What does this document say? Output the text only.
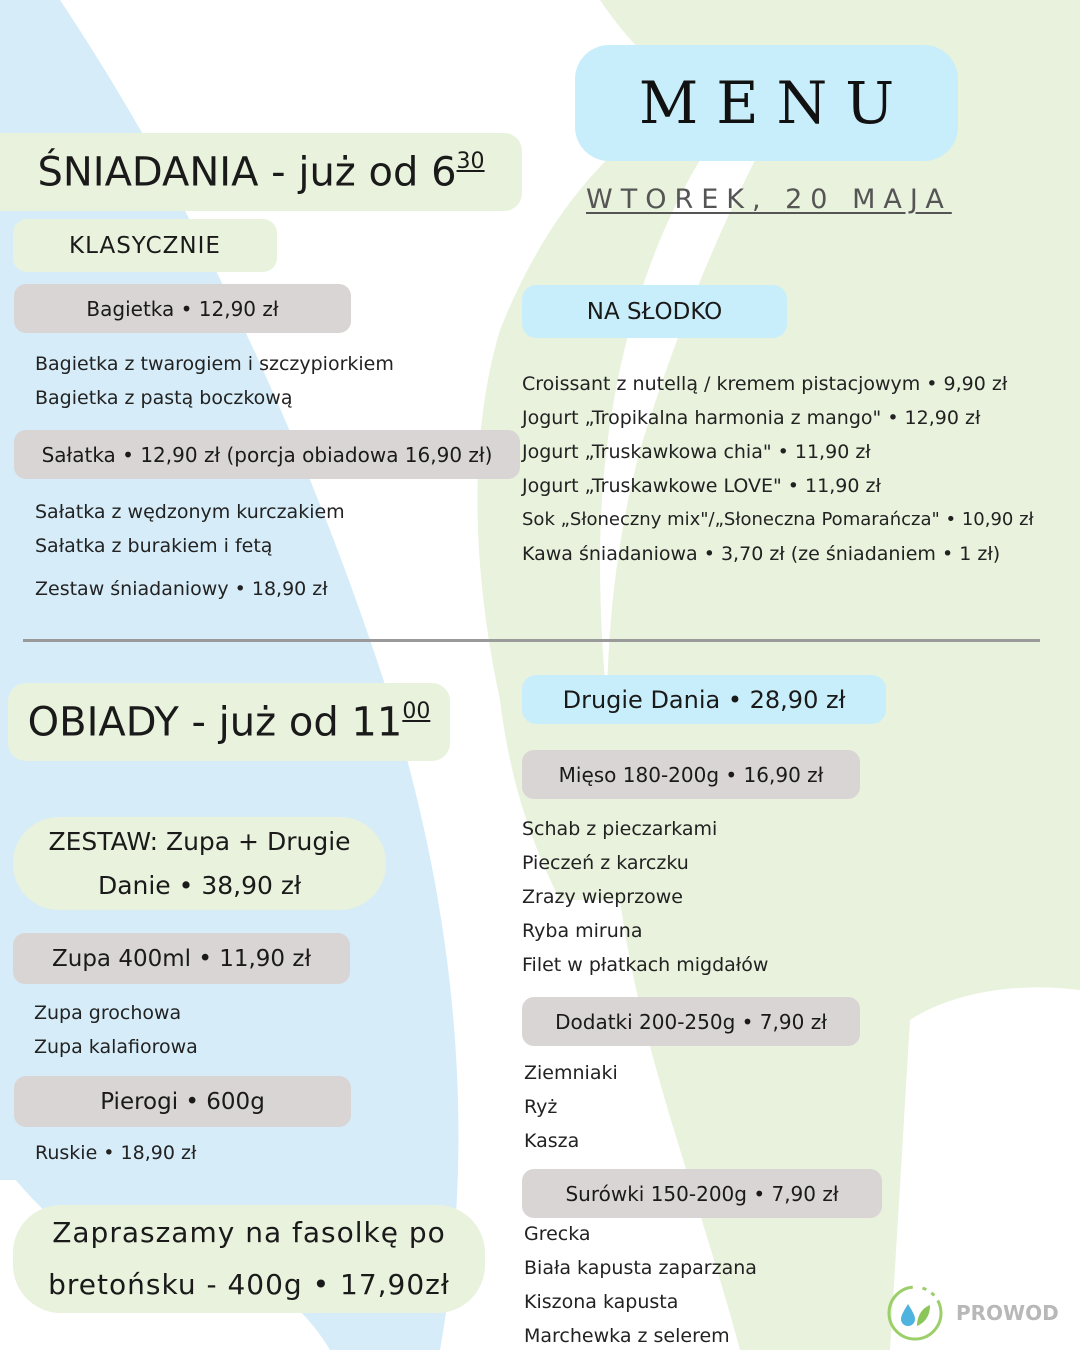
MENU
WTOREK, 20 MAJA
ŚNIADANIA - już od $6^{30}$
KLASYCZNIE
Bagietka • 12,90 zł
Bagietka z twarogiem i szczypiorkiem
Bagietka z pastą boczkową
Sałatka • 12,90 zł (porcja obiadowa 16,90 zł)
Sałatka z wędzonym kurczakiem
Sałatka z burakiem i fetą
Zestaw śniadaniowy • 18,90 zł
NA SŁODKO
Croissant z nutellą / kremem pistacjowym • 9,90 zł
Jogurt „Tropikalna harmonia z mango" • 12,90 zł
Jogurt „Truskawkowa chia" • 11,90 zł
Jogurt „Truskawkowe LOVE" • 11,90 zł
Sok „Słoneczny mix"/„Słoneczna Pomarańcza" • 10,90 zł
Kawa śniadaniowa • 3,70 zł (ze śniadaniem • 1 zł)
OBIADY - już od $11^{00}$
ZESTAW: Zupa + Drugie Danie • 38,90 zł
Zupa 400ml • 11,90 zł
Zupa grochowa
Zupa kalafiorowa
Pierogi • 600g
Ruskie • 18,90 zł
Zapraszamy na fasolkę po bretońsku - 400g • 17,90zł
Drugie Dania • 28,90 zł
Mięso 180-200g • 16,90 zł
Schab z pieczarkami
Pieczeń z karczku
Zrazy wieprzowe
Ryba miruna
Filet w płatkach migdałów
Dodatki 200-250g • 7,90 zł
Ziemniaki
Ryż
Kasza
Surówki 150-200g • 7,90 zł
Grecka
Biała kapusta zaparzana
Kiszona kapusta
Marchewka z selerem
PROWOD
